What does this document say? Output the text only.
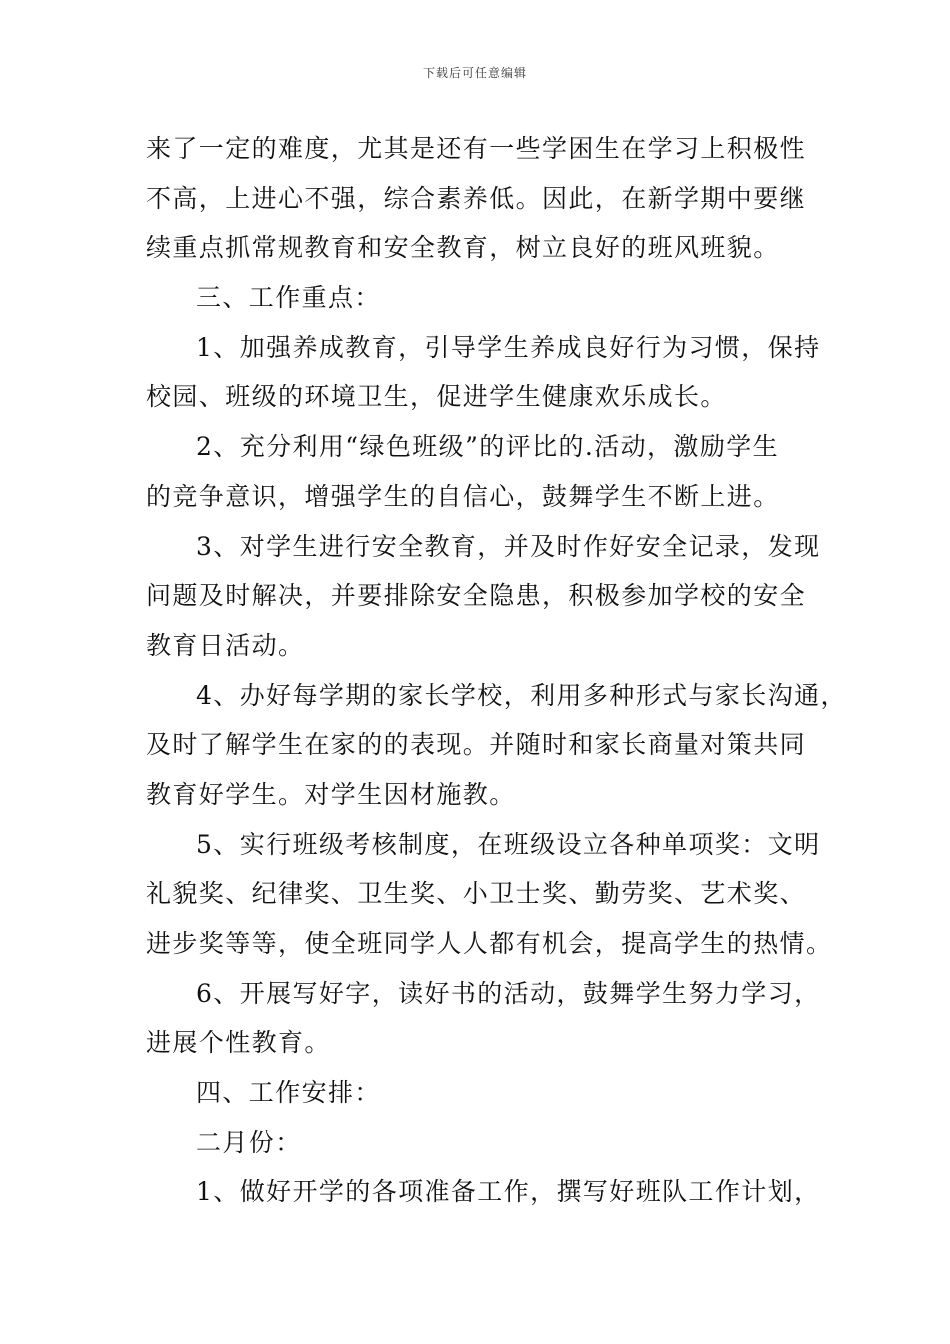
下载后可任意编辑

来了一定的难度，尤其是还有一些学困生在学习上积极性
不高，上进心不强，综合素养低。因此，在新学期中要继
续重点抓常规教育和安全教育，树立良好的班风班貌。

三、工作重点：

1、加强养成教育，引导学生养成良好行为习惯，保持
校园、班级的环境卫生，促进学生健康欢乐成长。

2、充分利用“绿色班级”的评比的.活动，激励学生
的竞争意识，增强学生的自信心，鼓舞学生不断上进。

3、对学生进行安全教育，并及时作好安全记录，发现
问题及时解决，并要排除安全隐患，积极参加学校的安全
教育日活动。

4、办好每学期的家长学校，利用多种形式与家长沟通，
及时了解学生在家的的表现。并随时和家长商量对策共同
教育好学生。对学生因材施教。

5、实行班级考核制度，在班级设立各种单项奖：文明
礼貌奖、纪律奖、卫生奖、小卫士奖、勤劳奖、艺术奖、
进步奖等等，使全班同学人人都有机会，提高学生的热情。

6、开展写好字，读好书的活动，鼓舞学生努力学习，
进展个性教育。

四、工作安排：

二月份：

1、做好开学的各项准备工作，撰写好班队工作计划，
